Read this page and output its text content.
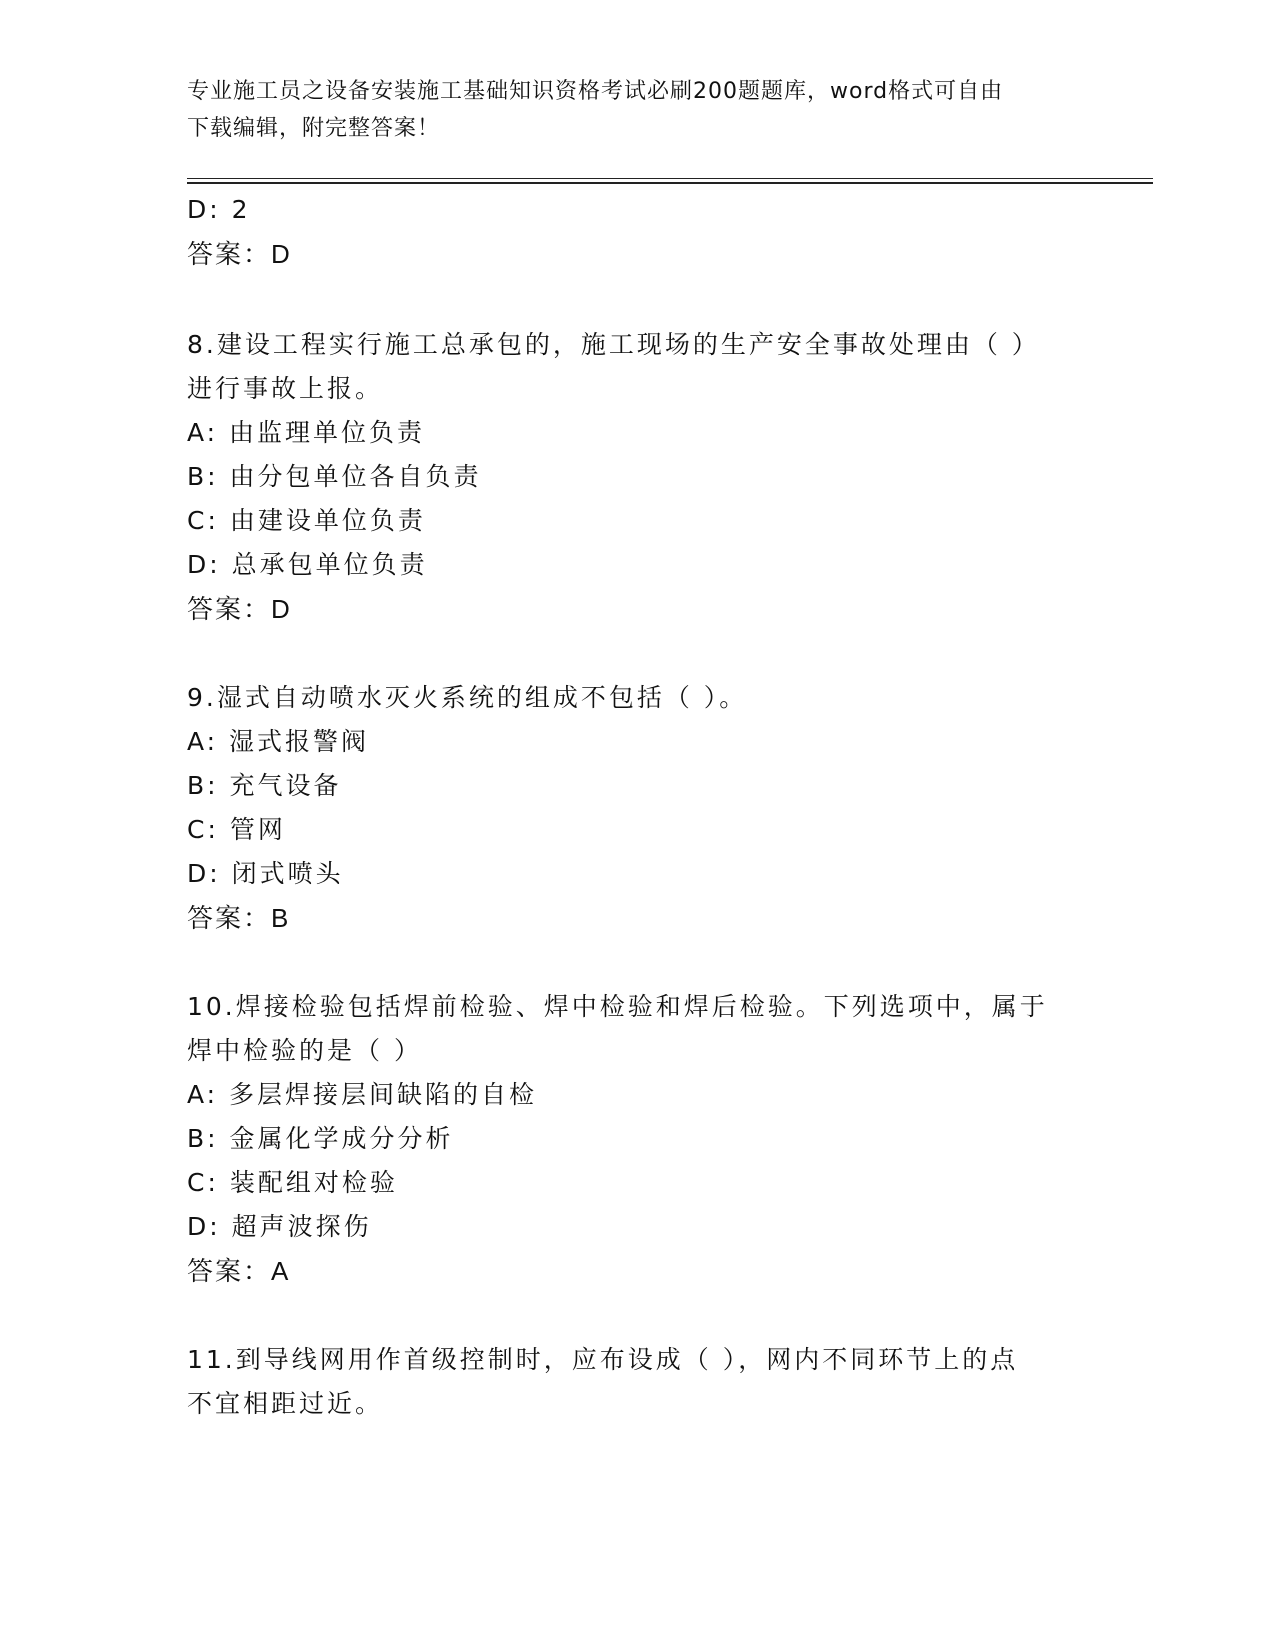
专业施工员之设备安装施工基础知识资格考试必刷200题题库，word格式可自由
下载编辑，附完整答案！
D: 2
答案：D
8.建设工程实行施工总承包的，施工现场的生产安全事故处理由（ ）
进行事故上报。
A: 由监理单位负责
B: 由分包单位各自负责
C: 由建设单位负责
D: 总承包单位负责
答案：D
9.湿式自动喷水灭火系统的组成不包括（ ）。
A: 湿式报警阀
B: 充气设备
C: 管网
D: 闭式喷头
答案：B
10.焊接检验包括焊前检验、焊中检验和焊后检验。下列选项中，属于
焊中检验的是（ ）
A: 多层焊接层间缺陷的自检
B: 金属化学成分分析
C: 装配组对检验
D: 超声波探伤
答案：A
11.到导线网用作首级控制时，应布设成（ ），网内不同环节上的点
不宜相距过近。
